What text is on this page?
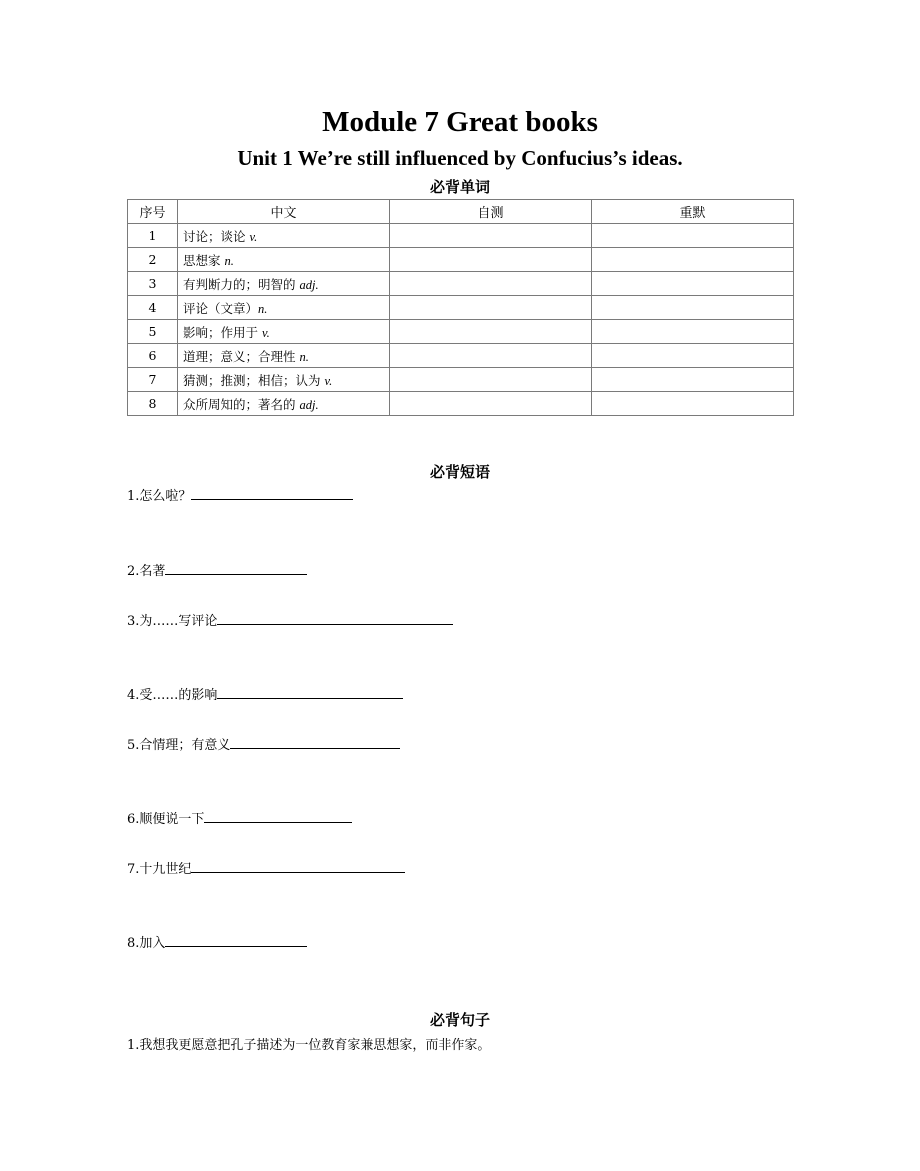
Module 7 Great books
Unit 1 We’re still influenced by Confucius’s ideas.
必背单词
序号	中文	自测	重默
1	讨论；谈论 v.		
2	思想家 n.		
3	有判断力的；明智的 adj.		
4	评论（文章）n.		
5	影响；作用于 v.		
6	道理；意义；合理性 n.		
7	猜测；推测；相信；认为 v.		
8	众所周知的；著名的 adj.		
必背短语
1.怎么啦？
2.名著
3.为……写评论
4.受……的影响
5.合情理；有意义
6.顺便说一下
7.十九世纪
8.加入
必背句子
1.我想我更愿意把孔子描述为一位教育家兼思想家，而非作家。
